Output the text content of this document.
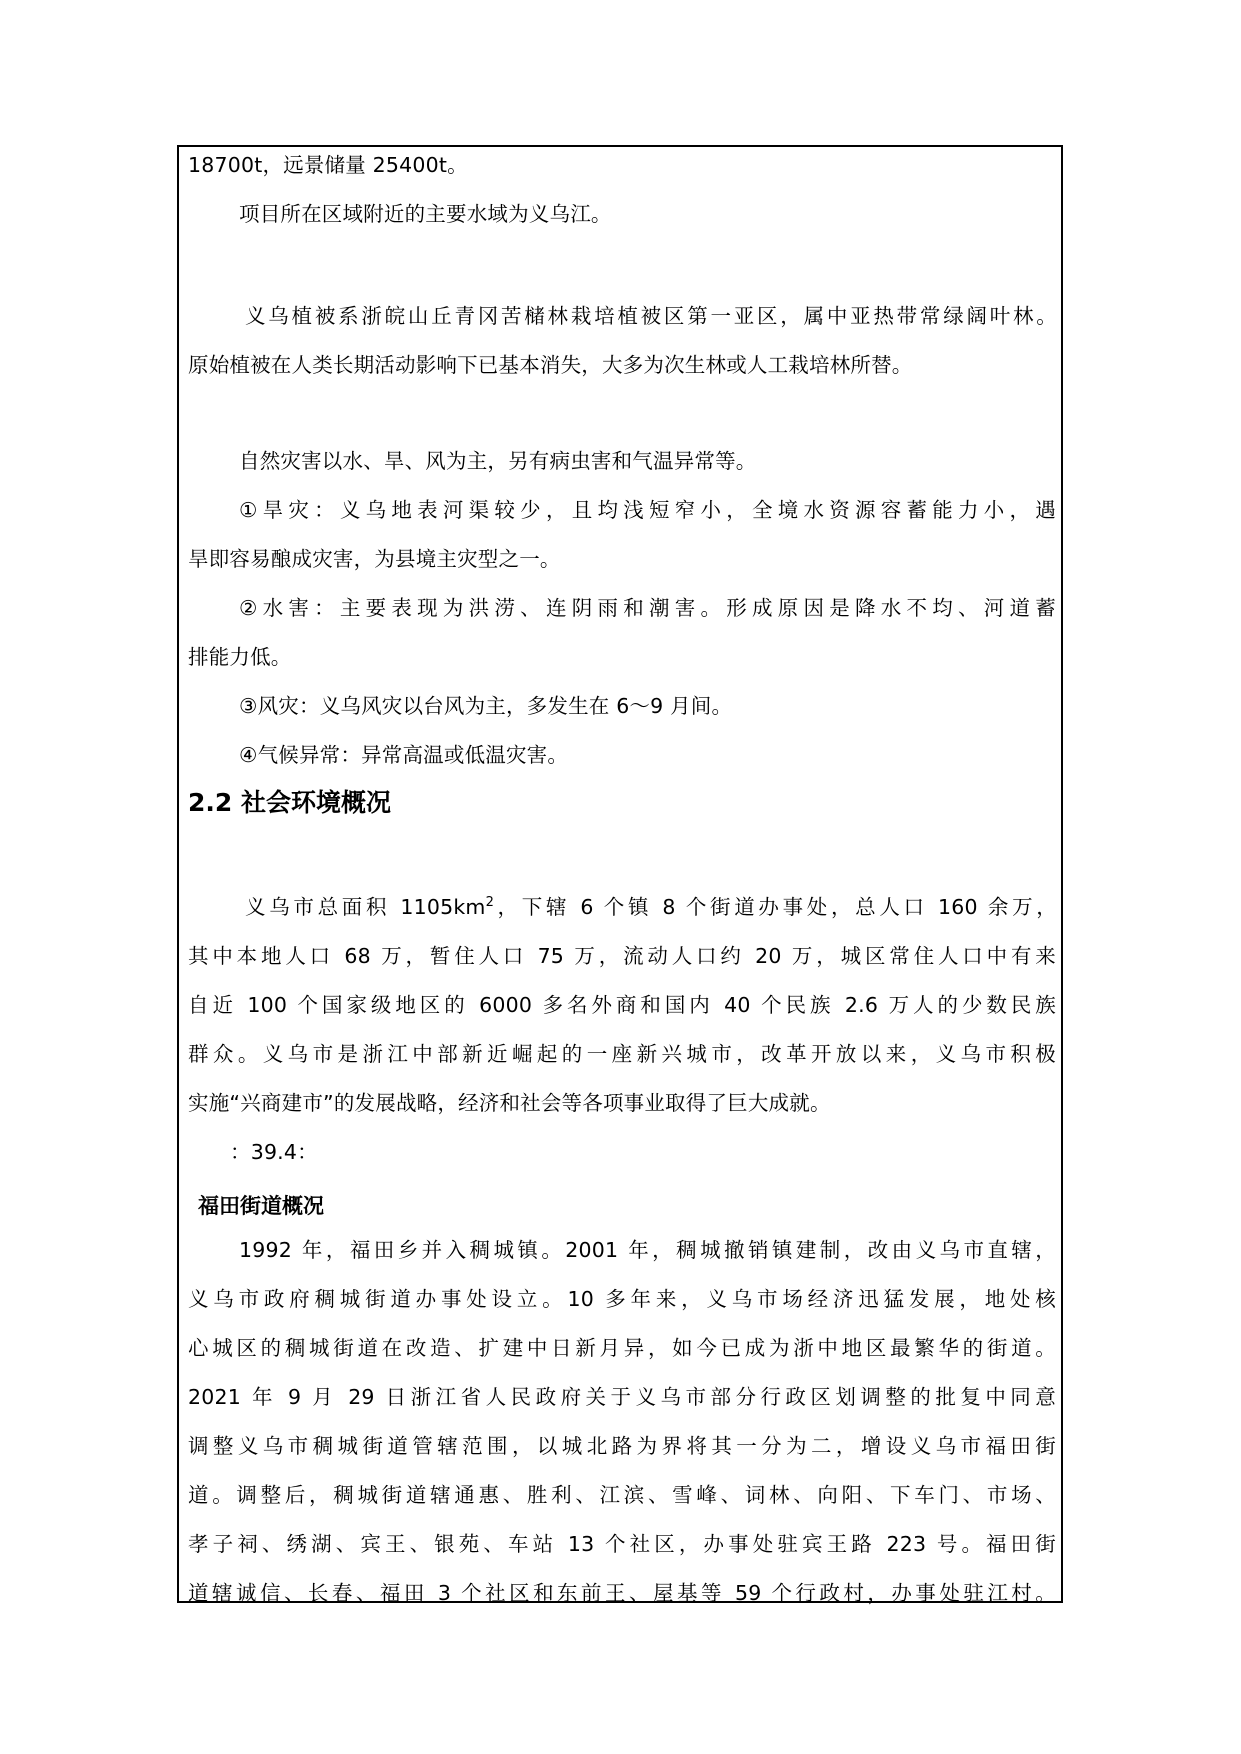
18700t，远景储量 25400t。
项目所在区域附近的主要水域为义乌江。
义乌植被系浙皖山丘青冈苦槠林栽培植被区第一亚区，属中亚热带常绿阔叶林。
原始植被在人类长期活动影响下已基本消失，大多为次生林或人工栽培林所替。
自然灾害以水、旱、风为主，另有病虫害和气温异常等。
①旱灾：义乌地表河渠较少，且均浅短窄小，全境水资源容蓄能力小，遇
旱即容易酿成灾害，为县境主灾型之一。
②水害：主要表现为洪涝、连阴雨和潮害。形成原因是降水不均、河道蓄
排能力低。
③风灾：义乌风灾以台风为主，多发生在 6～9 月间。
④气候异常：异常高温或低温灾害。
2.2 社会环境概况
义乌市总面积 $1105km^2$，下辖 6 个镇 8 个街道办事处，总人口 160 余万，
其中本地人口 68 万，暂住人口 75 万，流动人口约 20 万，城区常住人口中有来
自近 100 个国家级地区的 6000 多名外商和国内 40 个民族 2.6 万人的少数民族
群众。义乌市是浙江中部新近崛起的一座新兴城市，改革开放以来，义乌市积极
实施“兴商建市”的发展战略，经济和社会等各项事业取得了巨大成就。
：39.4：
福田街道概况
1992 年，福田乡并入稠城镇。2001 年，稠城撤销镇建制，改由义乌市直辖，
义乌市政府稠城街道办事处设立。10 多年来，义乌市场经济迅猛发展，地处核
心城区的稠城街道在改造、扩建中日新月异，如今已成为浙中地区最繁华的街道。
2021 年 9 月 29 日浙江省人民政府关于义乌市部分行政区划调整的批复中同意
调整义乌市稠城街道管辖范围，以城北路为界将其一分为二，增设义乌市福田街
道。调整后，稠城街道辖通惠、胜利、江滨、雪峰、词林、向阳、下车门、市场、
孝子祠、绣湖、宾王、银苑、车站 13 个社区，办事处驻宾王路 223 号。福田街
道辖诚信、长春、福田 3 个社区和东前王、屋基等 59 个行政村，办事处驻江村。
